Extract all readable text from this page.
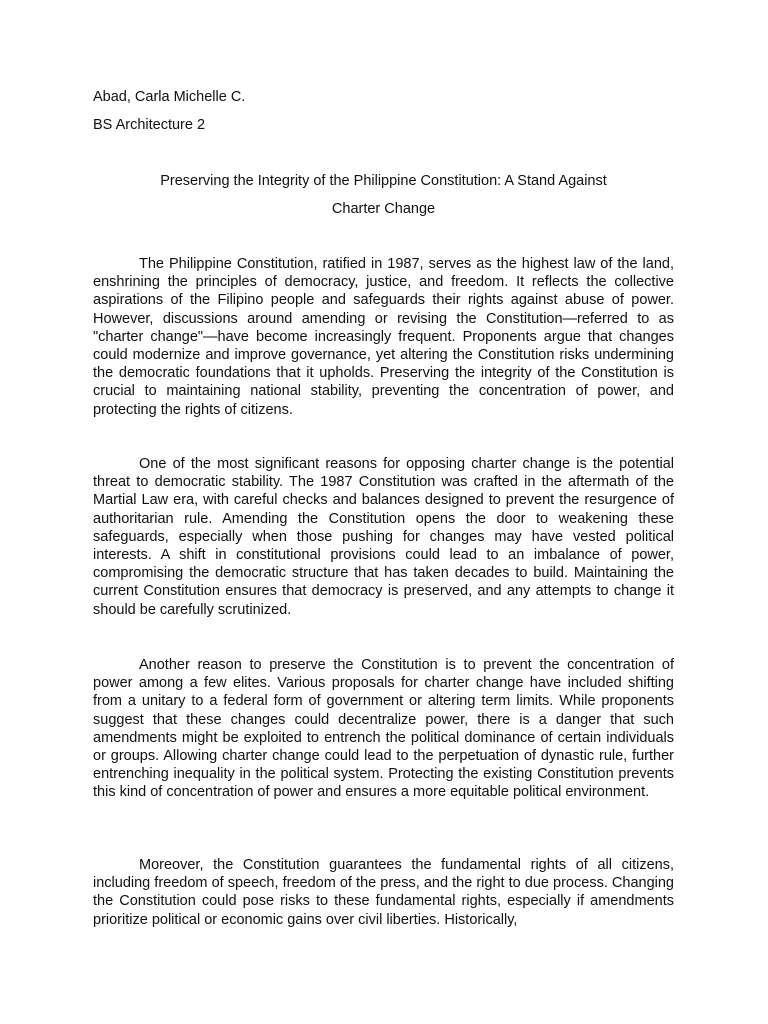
Abad, Carla Michelle C.
BS Architecture 2
Preserving the Integrity of the Philippine Constitution: A Stand Against
Charter Change

The Philippine Constitution, ratified in 1987, serves as the highest law of the land, enshrining the principles of democracy, justice, and freedom. It reflects the collective aspirations of the Filipino people and safeguards their rights against abuse of power. However, discussions around amending or revising the Constitution—referred to as "charter change"—have become increasingly frequent. Proponents argue that changes could modernize and improve governance, yet altering the Constitution risks undermining the democratic foundations that it upholds. Preserving the integrity of the Constitution is crucial to maintaining national stability, preventing the concentration of power, and protecting the rights of citizens.

One of the most significant reasons for opposing charter change is the potential threat to democratic stability. The 1987 Constitution was crafted in the aftermath of the Martial Law era, with careful checks and balances designed to prevent the resurgence of authoritarian rule. Amending the Constitution opens the door to weakening these safeguards, especially when those pushing for changes may have vested political interests. A shift in constitutional provisions could lead to an imbalance of power, compromising the democratic structure that has taken decades to build. Maintaining the current Constitution ensures that democracy is preserved, and any attempts to change it should be carefully scrutinized.

Another reason to preserve the Constitution is to prevent the concentration of power among a few elites. Various proposals for charter change have included shifting from a unitary to a federal form of government or altering term limits. While proponents suggest that these changes could decentralize power, there is a danger that such amendments might be exploited to entrench the political dominance of certain individuals or groups. Allowing charter change could lead to the perpetuation of dynastic rule, further entrenching inequality in the political system. Protecting the existing Constitution prevents this kind of concentration of power and ensures a more equitable political environment.

Moreover, the Constitution guarantees the fundamental rights of all citizens, including freedom of speech, freedom of the press, and the right to due process. Changing the Constitution could pose risks to these fundamental rights, especially if amendments prioritize political or economic gains over civil liberties. Historically,
